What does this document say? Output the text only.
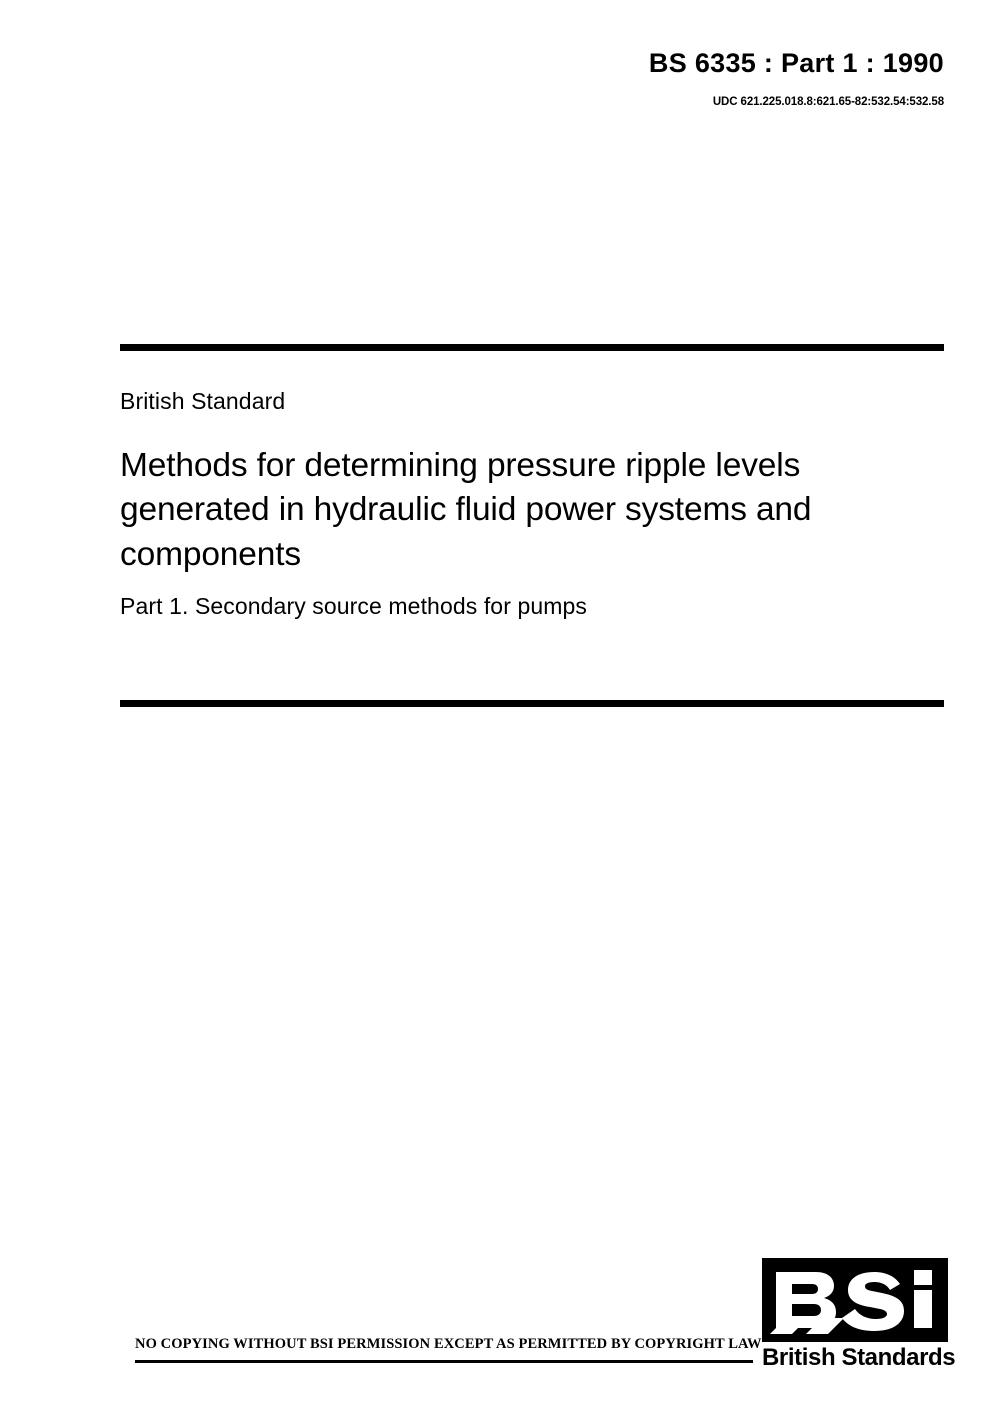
BS 6335 : Part 1 : 1990
UDC 621.225.018.8:621.65-82:532.54:532.58

British Standard

Methods for determining pressure ripple levels generated in hydraulic fluid power systems and components

Part 1. Secondary source methods for pumps

NO COPYING WITHOUT BSI PERMISSION EXCEPT AS PERMITTED BY COPYRIGHT LAW British Standards
